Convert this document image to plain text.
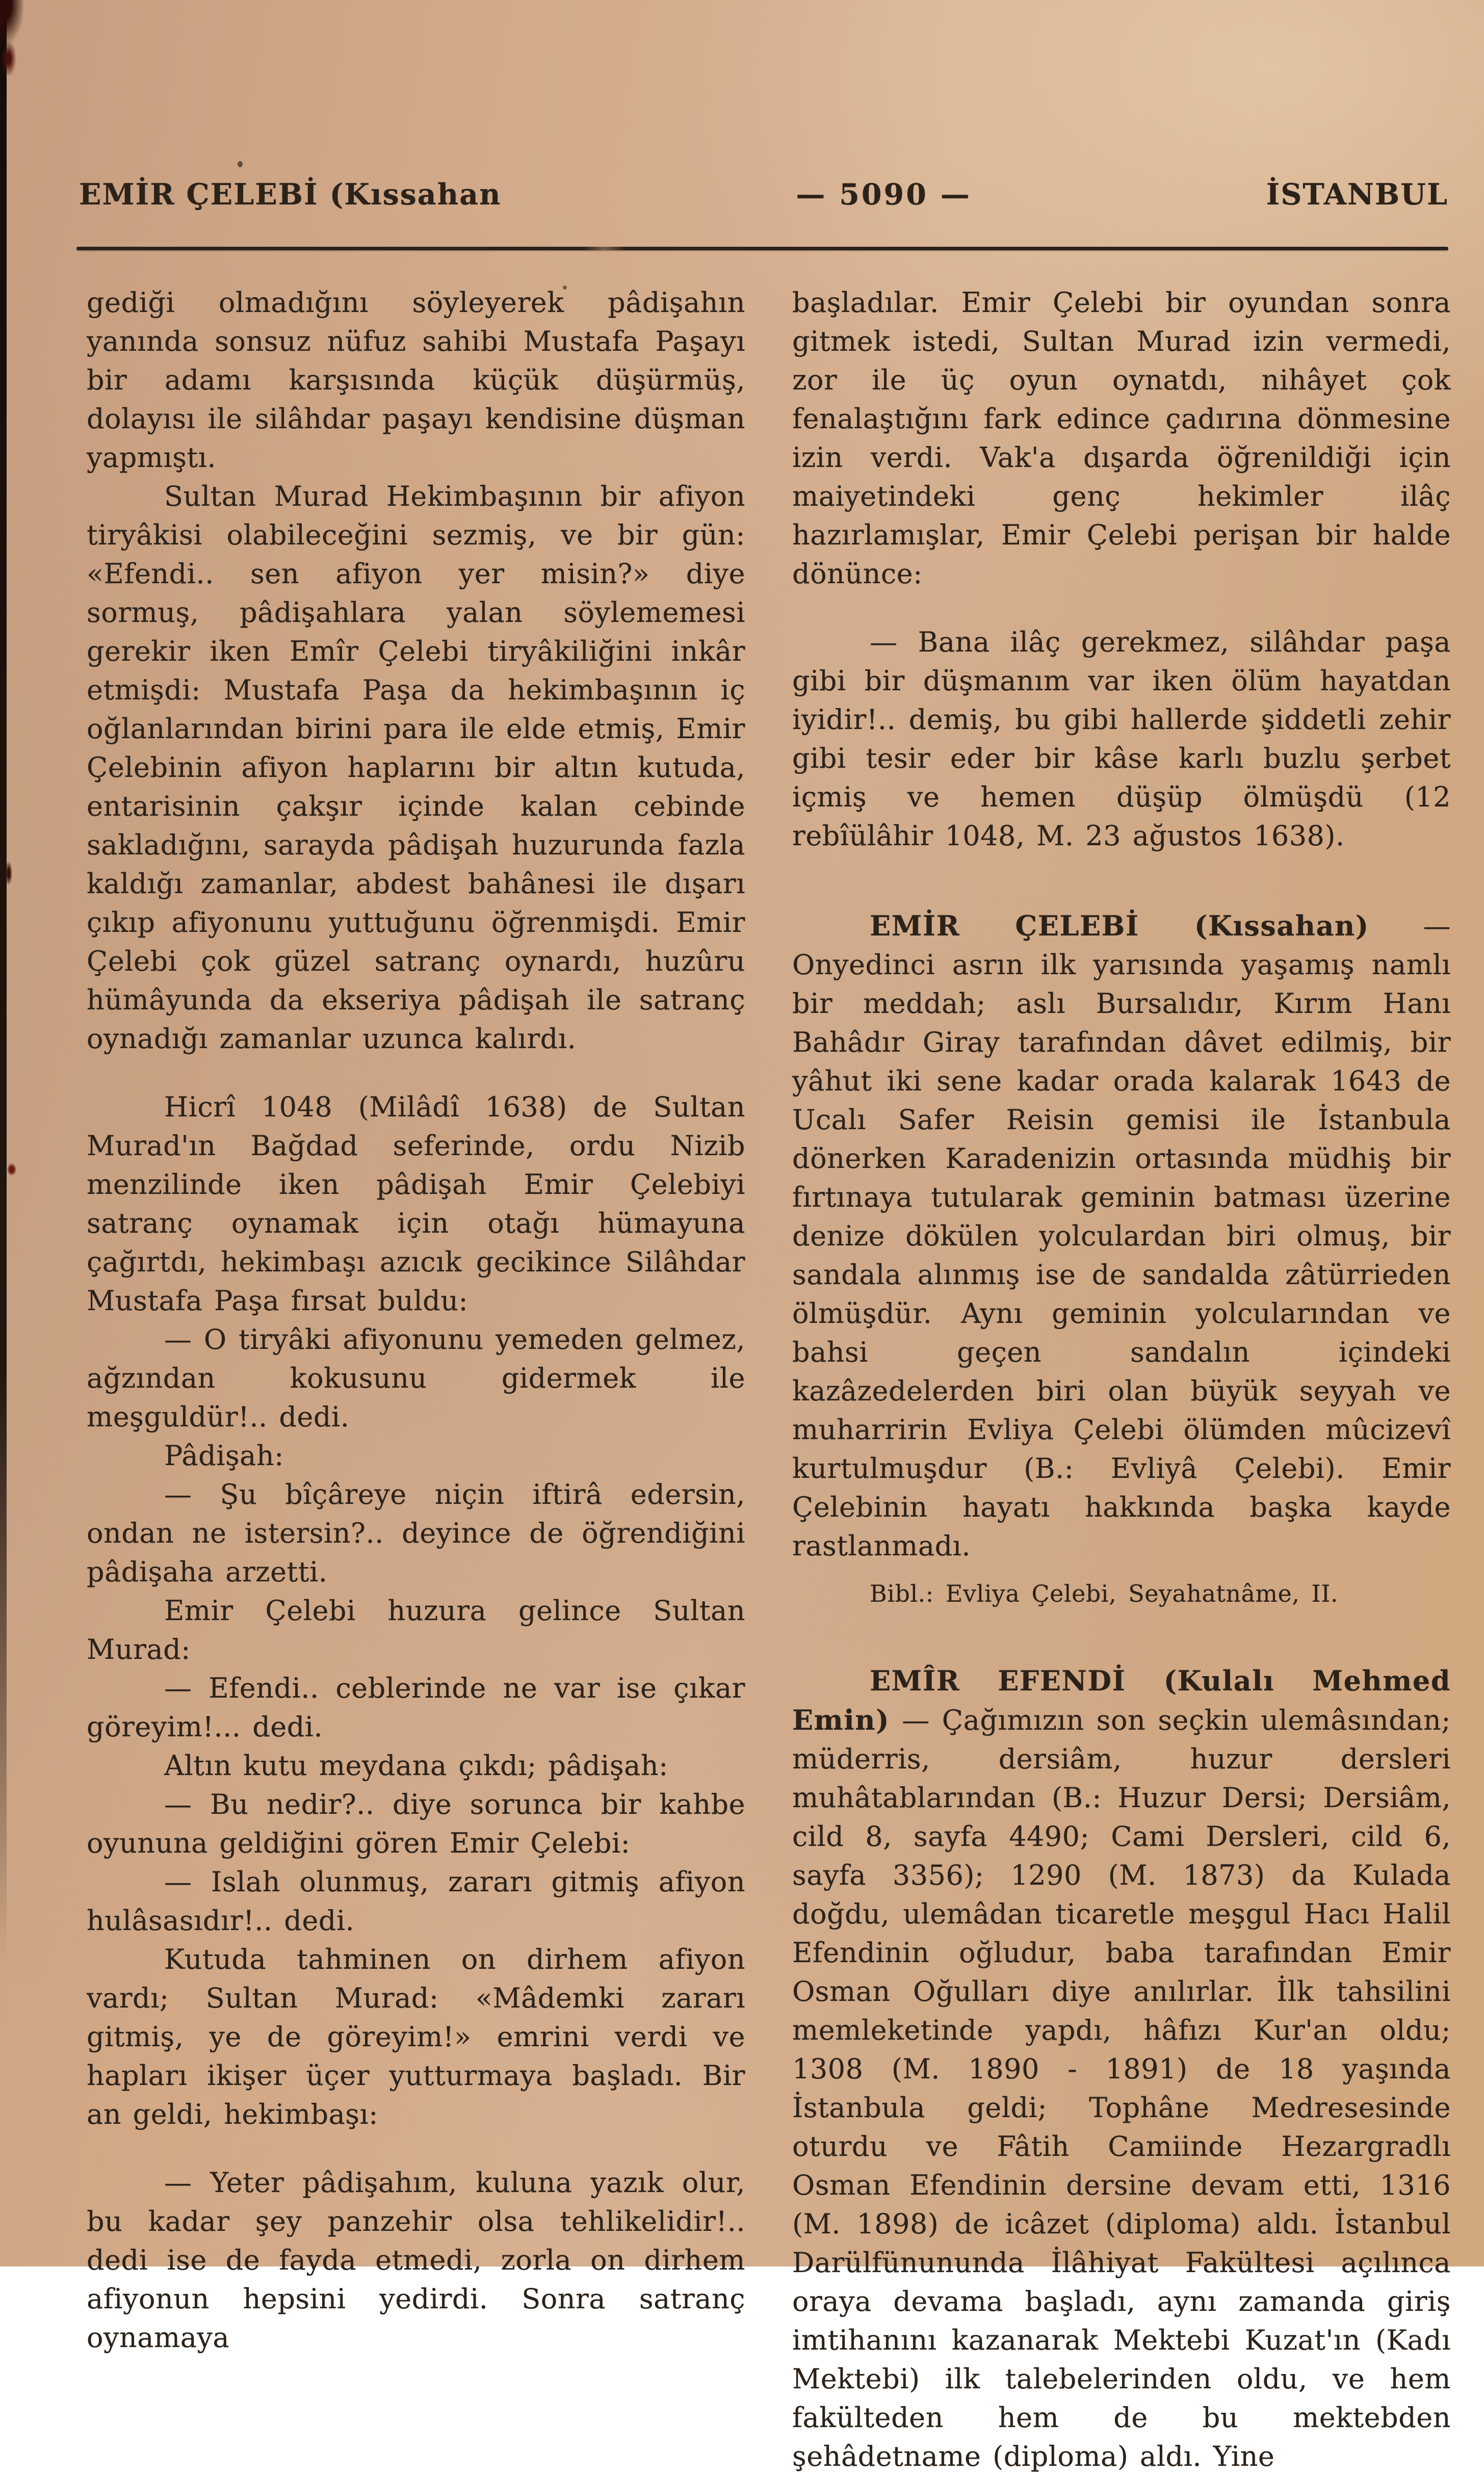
EMİR ÇELEBİ (Kıssahan	— 5090 —	İSTANBUL

gediği olmadığını söyleyerek pâdişahın yanında sonsuz nüfuz sahibi Mustafa Paşayı bir adamı karşısında küçük düşürmüş, dolayısı ile silâhdar paşayı kendisine düşman yapmıştı.

Sultan Murad Hekimbaşının bir afiyon tiryâkisi olabileceğini sezmiş, ve bir gün: «Efendi.. sen afiyon yer misin?» diye sormuş, pâdişahlara yalan söylememesi gerekir iken Emîr Çelebi tiryâkiliğini inkâr etmişdi: Mustafa Paşa da hekimbaşının iç oğlanlarından birini para ile elde etmiş, Emir Çelebinin afiyon haplarını bir altın kutuda, entarisinin çakşır içinde kalan cebinde sakladığını, sarayda pâdişah huzurunda fazla kaldığı zamanlar, abdest bahânesi ile dışarı çıkıp afiyonunu yuttuğunu öğrenmişdi. Emir Çelebi çok güzel satranç oynardı, huzûru hümâyunda da ekseriya pâdişah ile satranç oynadığı zamanlar uzunca kalırdı.

Hicrî 1048 (Milâdî 1638) de Sultan Murad'ın Bağdad seferinde, ordu Nizib menzilinde iken pâdişah Emir Çelebiyi satranç oynamak için otağı hümayuna çağırtdı, hekimbaşı azıcık gecikince Silâhdar Mustafa Paşa fırsat buldu:

— O tiryâki afiyonunu yemeden gelmez, ağzından kokusunu gidermek ile meşguldür!.. dedi.

Pâdişah:

— Şu bîçâreye niçin iftirâ edersin, ondan ne istersin?.. deyince de öğrendiğini pâdişaha arzetti.

Emir Çelebi huzura gelince Sultan Murad:

— Efendi.. ceblerinde ne var ise çıkar göreyim!... dedi.

Altın kutu meydana çıkdı; pâdişah:

— Bu nedir?.. diye sorunca bir kahbe oyununa geldiğini gören Emir Çelebi:

— Islah olunmuş, zararı gitmiş afiyon hulâsasıdır!.. dedi.

Kutuda tahminen on dirhem afiyon vardı; Sultan Murad: «Mâdemki zararı gitmiş, ye de göreyim!» emrini verdi ve hapları ikişer üçer yutturmaya başladı. Bir an geldi, hekimbaşı:

— Yeter pâdişahım, kuluna yazık olur, bu kadar şey panzehir olsa tehlikelidir!.. dedi ise de fayda etmedi, zorla on dirhem afiyonun hepsini yedirdi. Sonra satranç oynamaya

başladılar. Emir Çelebi bir oyundan sonra gitmek istedi, Sultan Murad izin vermedi, zor ile üç oyun oynatdı, nihâyet çok fenalaştığını fark edince çadırına dönmesine izin verdi. Vak'a dışarda öğrenildiği için maiyetindeki genç hekimler ilâç hazırlamışlar, Emir Çelebi perişan bir halde dönünce:

— Bana ilâç gerekmez, silâhdar paşa gibi bir düşmanım var iken ölüm hayatdan iyidir!.. demiş, bu gibi hallerde şiddetli zehir gibi tesir eder bir kâse karlı buzlu şerbet içmiş ve hemen düşüp ölmüşdü (12 rebîülâhir 1048, M. 23 ağustos 1638).

EMİR ÇELEBİ (Kıssahan) — Onyedinci asrın ilk yarısında yaşamış namlı bir meddah; aslı Bursalıdır, Kırım Hanı Bahâdır Giray tarafından dâvet edilmiş, bir yâhut iki sene kadar orada kalarak 1643 de Ucalı Safer Reisin gemisi ile İstanbula dönerken Karadenizin ortasında müdhiş bir fırtınaya tutularak geminin batması üzerine denize dökülen yolculardan biri olmuş, bir sandala alınmış ise de sandalda zâtürrieden ölmüşdür. Aynı geminin yolcularından ve bahsi geçen sandalın içindeki kazâzedelerden biri olan büyük seyyah ve muharririn Evliya Çelebi ölümden mûcizevî kurtulmuşdur (B.: Evliyâ Çelebi). Emir Çelebinin hayatı hakkında başka kayde rastlanmadı.

Bibl.: Evliya Çelebi, Seyahatnâme, II.

EMÎR EFENDİ (Kulalı Mehmed Emin) — Çağımızın son seçkin ulemâsından; müderris, dersiâm, huzur dersleri muhâtablarından (B.: Huzur Dersi; Dersiâm, cild 8, sayfa 4490; Cami Dersleri, cild 6, sayfa 3356); 1290 (M. 1873) da Kulada doğdu, ulemâdan ticaretle meşgul Hacı Halil Efendinin oğludur, baba tarafından Emir Osman Oğulları diye anılırlar. İlk tahsilini memleketinde yapdı, hâfızı Kur'an oldu; 1308 (M. 1890 - 1891) de 18 yaşında İstanbula geldi; Tophâne Medresesinde oturdu ve Fâtih Camiinde Hezargradlı Osman Efendinin dersine devam etti, 1316 (M. 1898) de icâzet (diploma) aldı. İstanbul Darülfünununda İlâhiyat Fakültesi açılınca oraya devama başladı, aynı zamanda giriş imtihanını kazanarak Mektebi Kuzat'ın (Kadı Mektebi) ilk talebelerinden oldu, ve hem fakülteden hem de bu mektebden şehâdetname (diploma) aldı. Yine
